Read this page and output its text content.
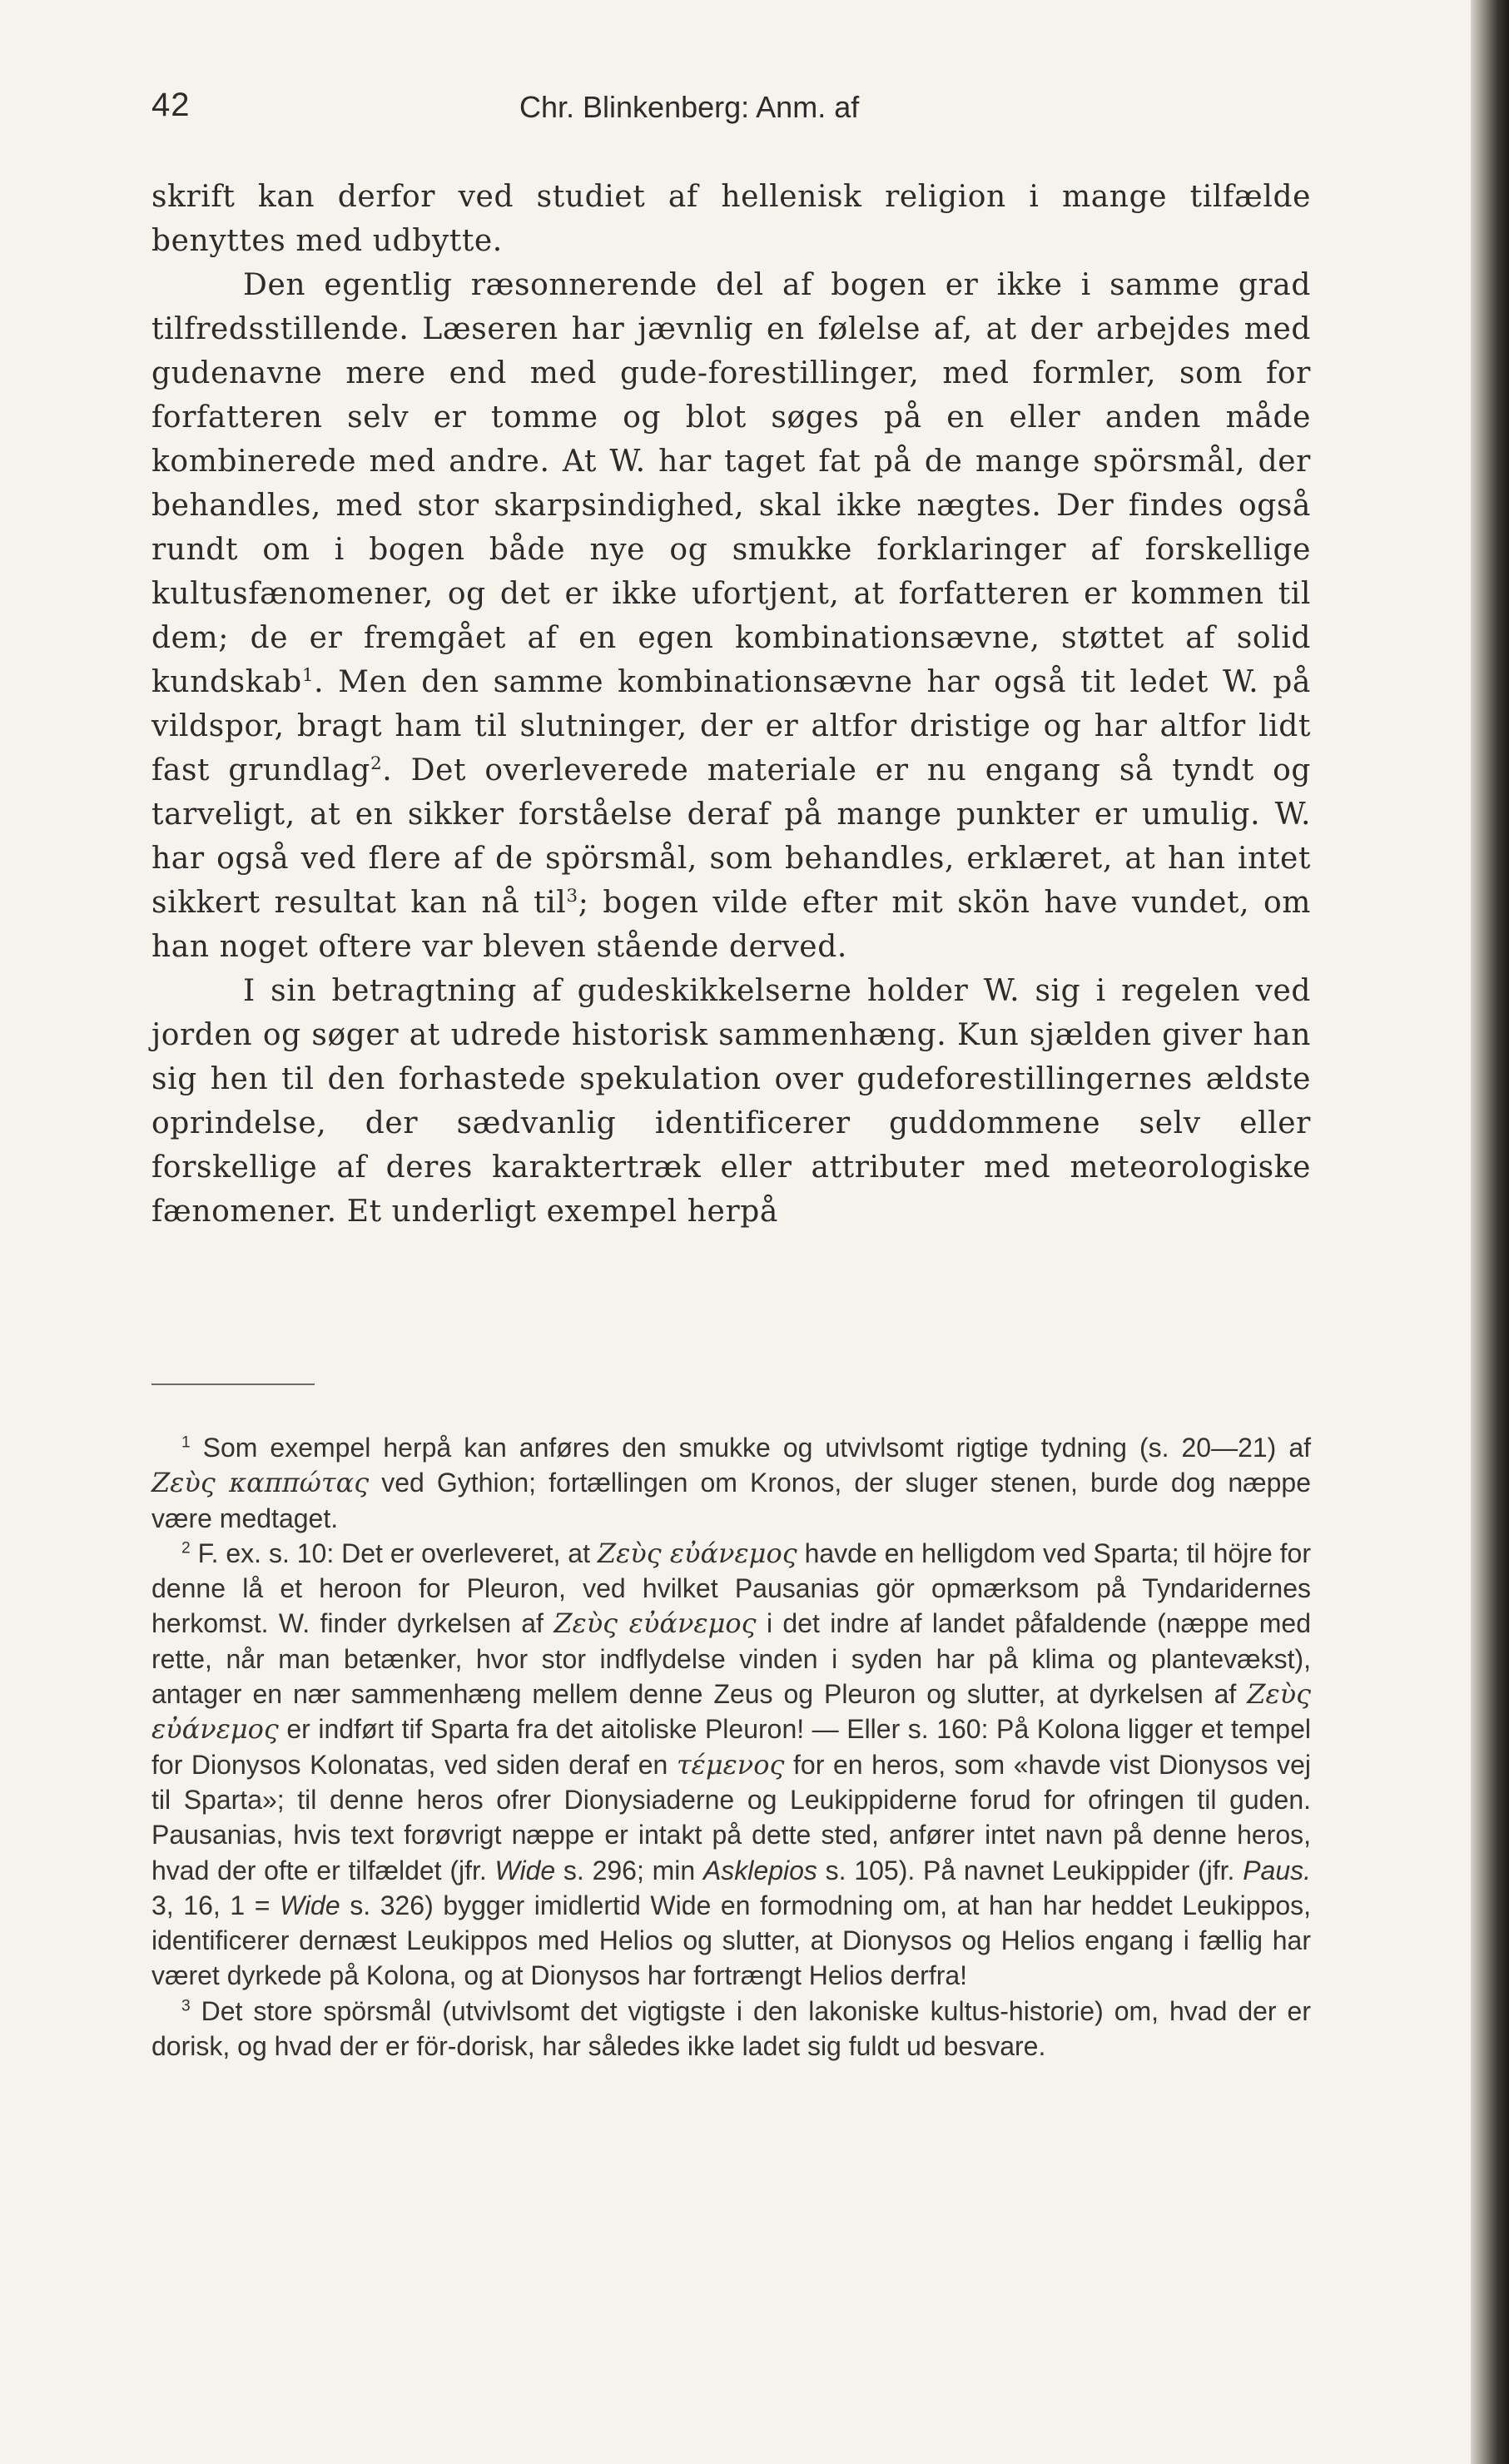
42	Chr. Blinkenberg: Anm. af

skrift kan derfor ved studiet af hellenisk religion i mange tilfælde benyttes med udbytte.

Den egentlig ræsonnerende del af bogen er ikke i samme grad tilfredsstillende. Læseren har jævnlig en følelse af, at der arbejdes med gudenavne mere end med gude-forestillinger, med formler, som for forfatteren selv er tomme og blot søges på en eller anden måde kombinerede med andre. At W. har taget fat på de mange spörsmål, der behandles, med stor skarpsindighed, skal ikke nægtes. Der findes også rundt om i bogen både nye og smukke forklaringer af forskellige kultusfænomener, og det er ikke ufortjent, at forfatteren er kommen til dem; de er fremgået af en egen kombinationsævne, støttet af solid kundskab$^1$. Men den samme kombinationsævne har også tit ledet W. på vildspor, bragt ham til slutninger, der er altfor dristige og har altfor lidt fast grundlag$^2$. Det overleverede materiale er nu engang så tyndt og tarveligt, at en sikker forståelse deraf på mange punkter er umulig. W. har også ved flere af de spörsmål, som behandles, erklæret, at han intet sikkert resultat kan nå til$^3$; bogen vilde efter mit skön have vundet, om han noget oftere var bleven stående derved.

I sin betragtning af gudeskikkelserne holder W. sig i regelen ved jorden og søger at udrede historisk sammenhæng. Kun sjælden giver han sig hen til den forhastede spekulation over gudeforestillingernes ældste oprindelse, der sædvanlig identificerer guddommene selv eller forskellige af deres karaktertræk eller attributer med meteorologiske fænomener. Et underligt exempel herpå

$^1$ Som exempel herpå kan anføres den smukke og utvivlsomt rigtige tydning (s. 20—21) af Ζεὺς καππώτας ved Gythion; fortællingen om Kronos, der sluger stenen, burde dog næppe være medtaget.

$^2$ F. ex. s. 10: Det er overleveret, at Ζεὺς εὐάνεμος havde en helligdom ved Sparta; til höjre for denne lå et heroon for Pleuron, ved hvilket Pausanias gör opmærksom på Tyndaridernes herkomst. W. finder dyrkelsen af Ζεὺς εὐάνεμος i det indre af landet påfaldende (næppe med rette, når man betænker, hvor stor indflydelse vinden i syden har på klima og plantevækst), antager en nær sammenhæng mellem denne Zeus og Pleuron og slutter, at dyrkelsen af Ζεὺς εὐάνεμος er indført tif Sparta fra det aitoliske Pleuron! — Eller s. 160: På Kolona ligger et tempel for Dionysos Kolonatas, ved siden deraf en τέμενος for en heros, som «havde vist Dionysos vej til Sparta»; til denne heros ofrer Dionysiaderne og Leukippiderne forud for ofringen til guden. Pausanias, hvis text forøvrigt næppe er intakt på dette sted, anfører intet navn på denne heros, hvad der ofte er tilfældet (jfr. Wide s. 296; min Asklepios s. 105). På navnet Leukippider (jfr. Paus. 3, 16, 1 = Wide s. 326) bygger imidlertid Wide en formodning om, at han har heddet Leukippos, identificerer dernæst Leukippos med Helios og slutter, at Dionysos og Helios engang i fællig har været dyrkede på Kolona, og at Dionysos har fortrængt Helios derfra!

$^3$ Det store spörsmål (utvivlsomt det vigtigste i den lakoniske kultus-historie) om, hvad der er dorisk, og hvad der er för-dorisk, har således ikke ladet sig fuldt ud besvare.
